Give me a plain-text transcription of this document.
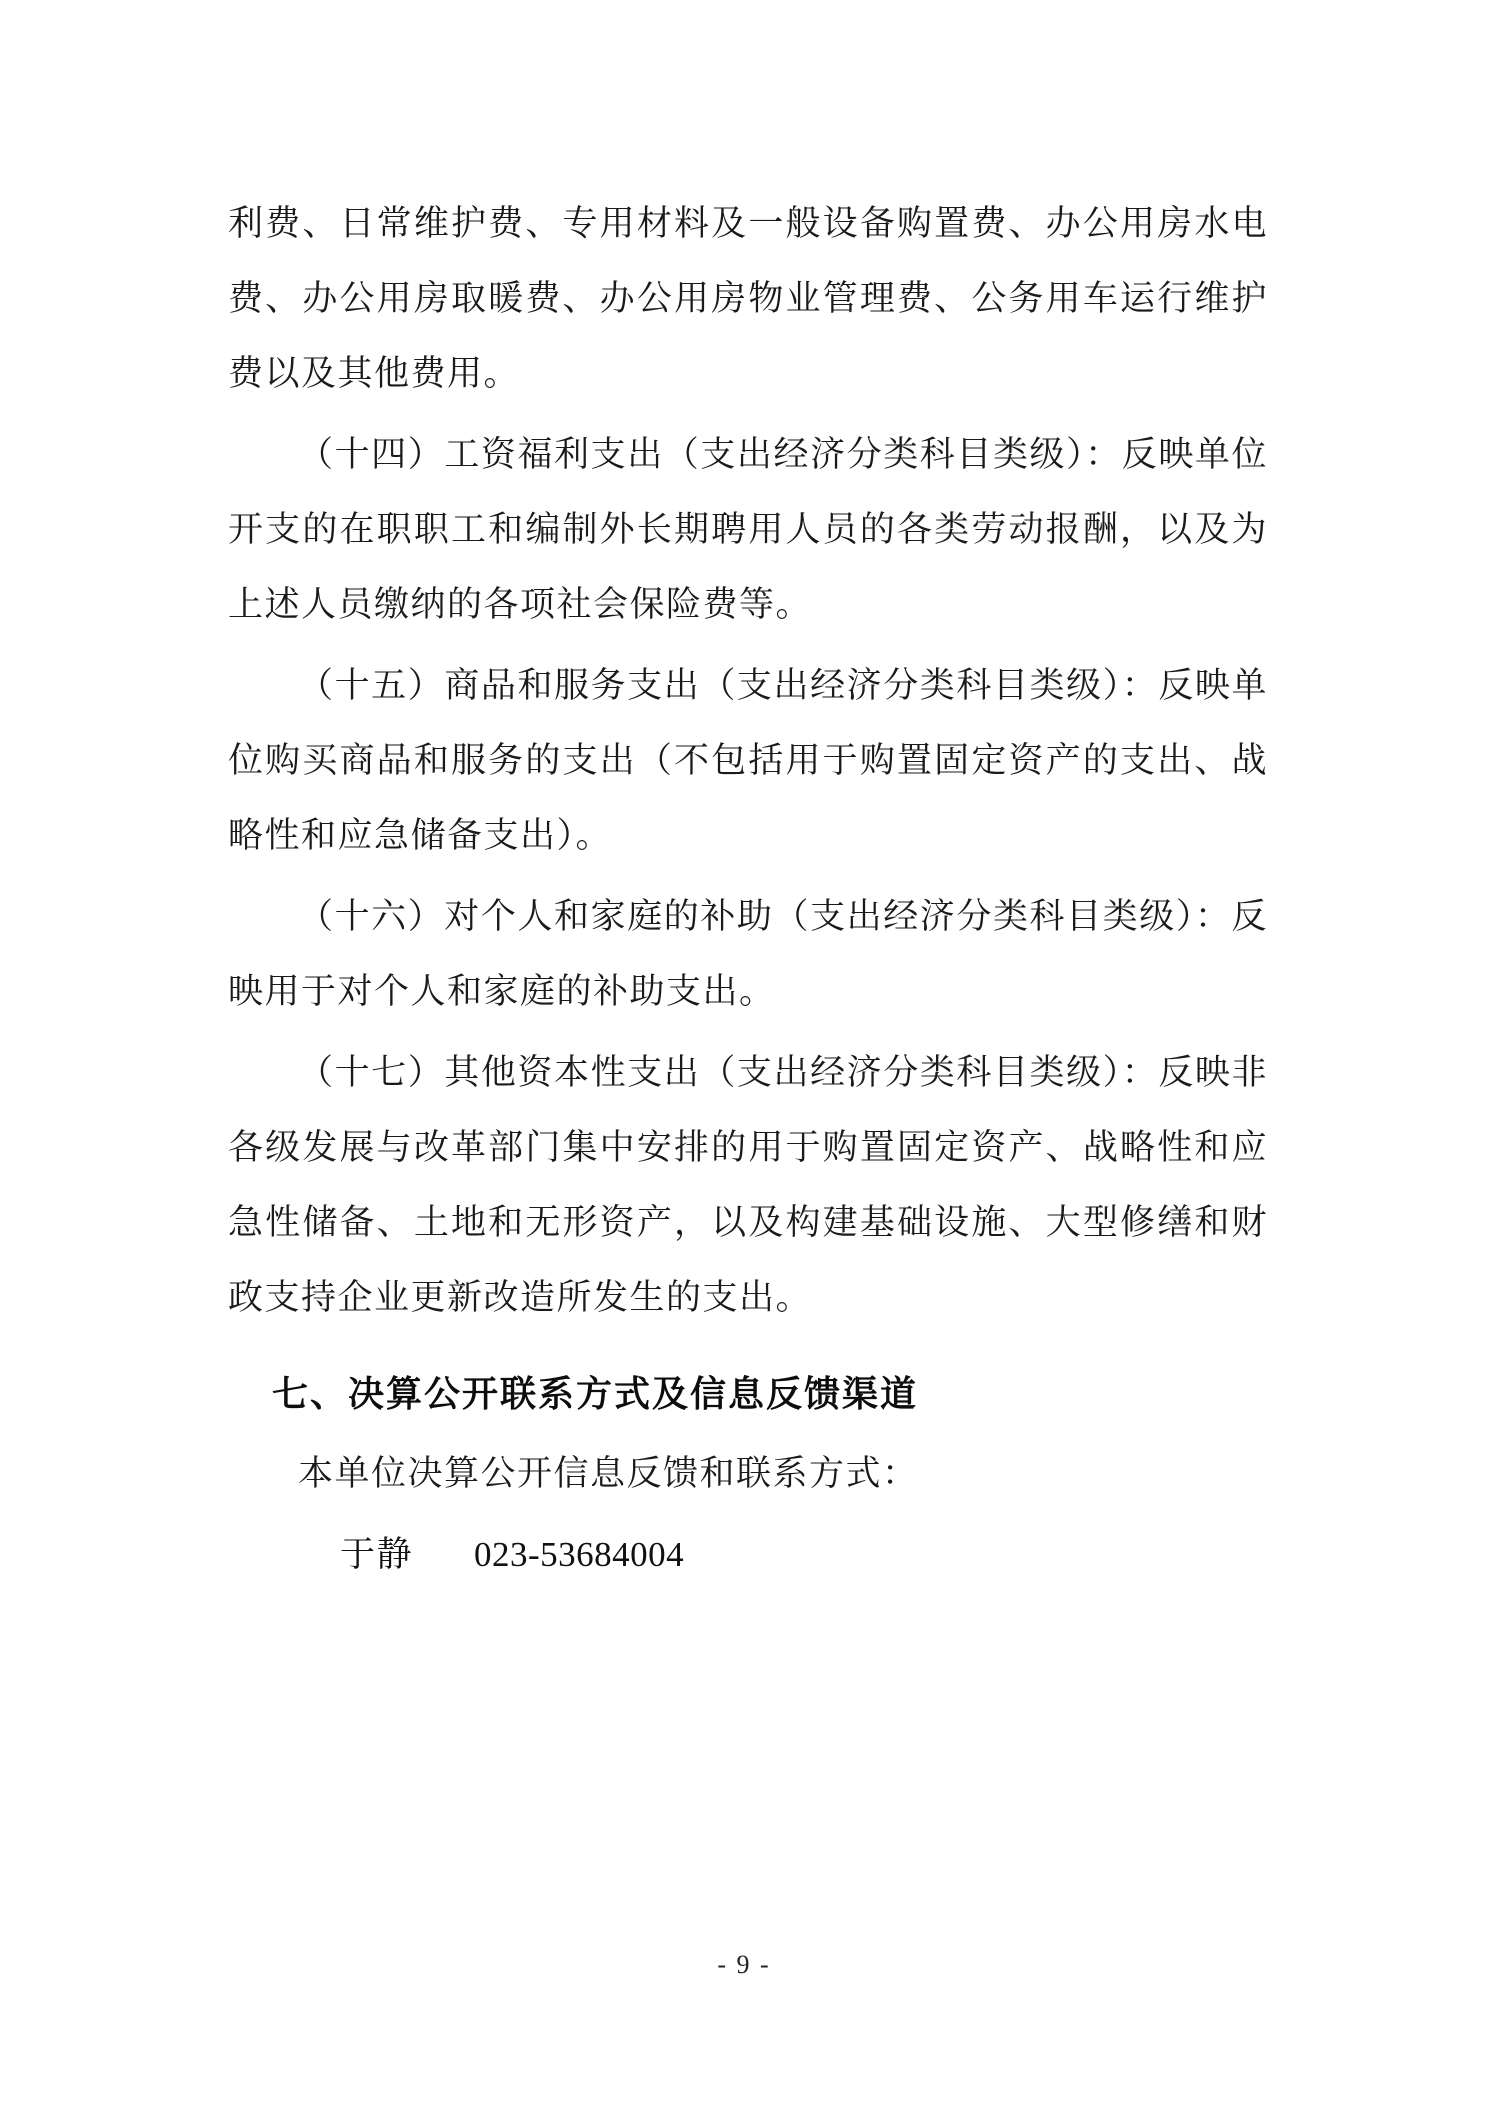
利费、日常维护费、专用材料及一般设备购置费、办公用房水电费、办公用房取暖费、办公用房物业管理费、公务用车运行维护费以及其他费用。

（十四）工资福利支出（支出经济分类科目类级）：反映单位开支的在职职工和编制外长期聘用人员的各类劳动报酬，以及为上述人员缴纳的各项社会保险费等。

（十五）商品和服务支出（支出经济分类科目类级）：反映单位购买商品和服务的支出（不包括用于购置固定资产的支出、战略性和应急储备支出）。

（十六）对个人和家庭的补助（支出经济分类科目类级）：反映用于对个人和家庭的补助支出。

（十七）其他资本性支出（支出经济分类科目类级）：反映非各级发展与改革部门集中安排的用于购置固定资产、战略性和应急性储备、土地和无形资产，以及构建基础设施、大型修缮和财政支持企业更新改造所发生的支出。

七、决算公开联系方式及信息反馈渠道

本单位决算公开信息反馈和联系方式：

于静 023-53684004

- 9 -
